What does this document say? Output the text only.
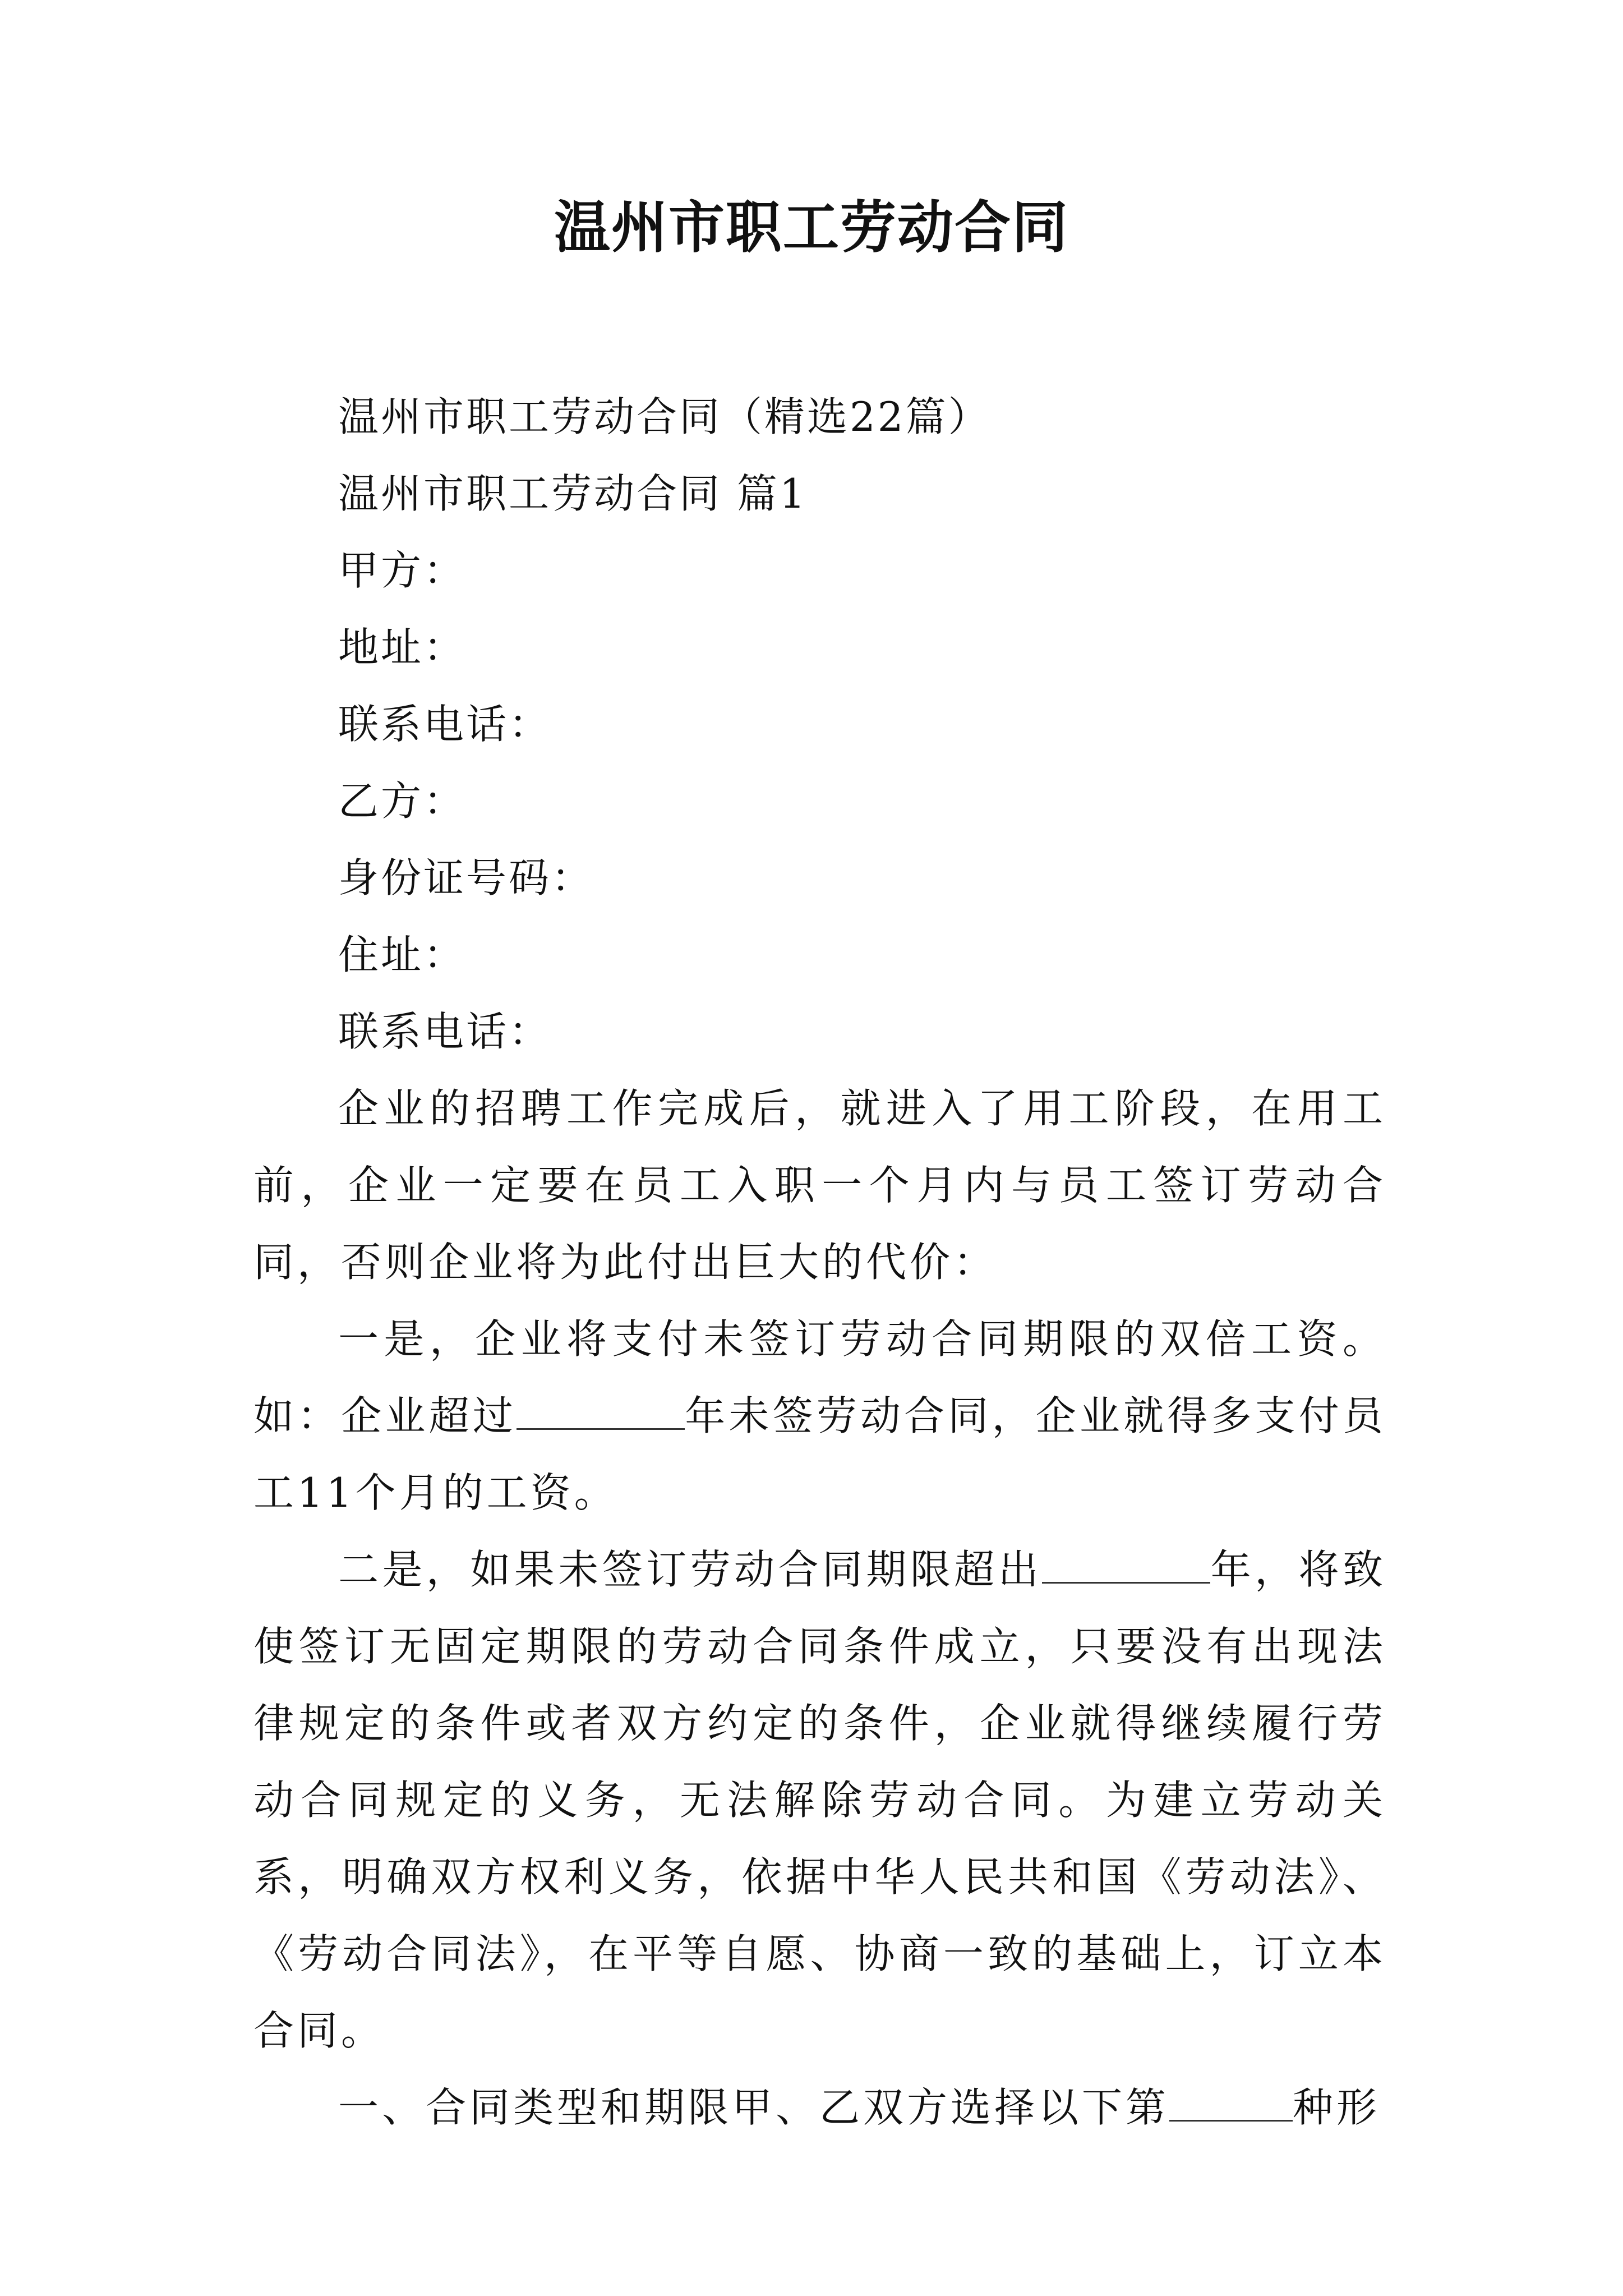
温州市职工劳动合同
温州市职工劳动合同（精选22篇）
温州市职工劳动合同 篇1
甲方：
地址：
联系电话：
乙方：
身份证号码：
住址：
联系电话：

企业的招聘工作完成后，就进入了用工阶段，在用工前，企业一定要在员工入职一个月内与员工签订劳动合同，否则企业将为此付出巨大的代价：

一是，企业将支付未签订劳动合同期限的双倍工资。如：企业超过	年未签劳动合同，企业就得多支付员工11个月的工资。

二是，如果未签订劳动合同期限超出	年，将致使签订无固定期限的劳动合同条件成立，只要没有出现法律规定的条件或者双方约定的条件，企业就得继续履行劳动合同规定的义务，无法解除劳动合同。为建立劳动关系，明确双方权利义务，依据中华人民共和国《劳动法》、《劳动合同法》，在平等自愿、协商一致的基础上，订立本合同。

一、合同类型和期限甲、乙双方选择以下第	种形
